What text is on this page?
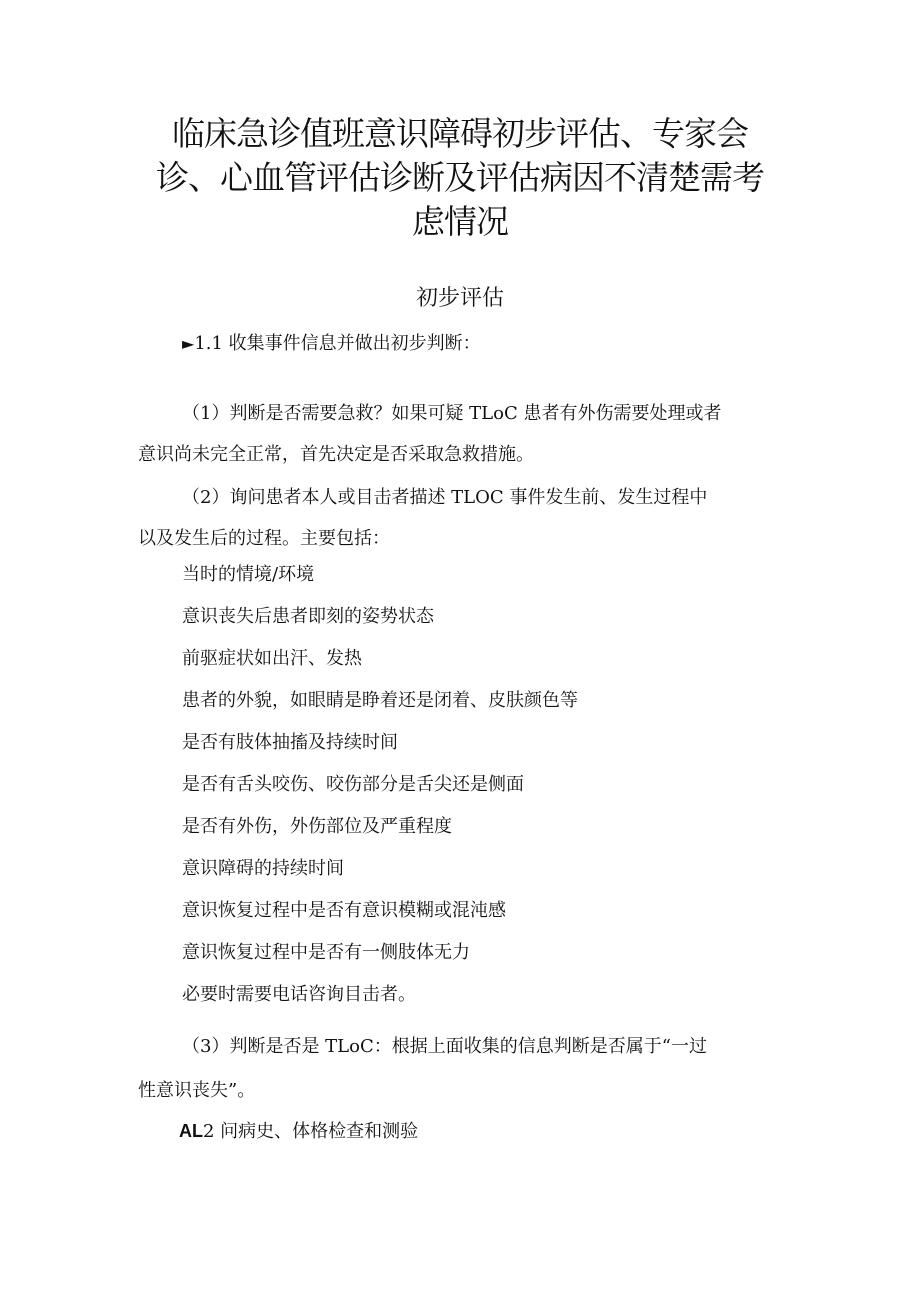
临床急诊值班意识障碍初步评估、专家会
诊、心血管评估诊断及评估病因不清楚需考
虑情况
初步评估

►1.1 收集事件信息并做出初步判断：

（1）判断是否需要急救？如果可疑 TLoC 患者有外伤需要处理或者
意识尚未完全正常，首先决定是否采取急救措施。

（2）询问患者本人或目击者描述 TLOC 事件发生前、发生过程中
以及发生后的过程。主要包括：

当时的情境/环境

意识丧失后患者即刻的姿势状态

前驱症状如出汗、发热

患者的外貌，如眼睛是睁着还是闭着、皮肤颜色等

是否有肢体抽搐及持续时间

是否有舌头咬伤、咬伤部分是舌尖还是侧面

是否有外伤，外伤部位及严重程度

意识障碍的持续时间

意识恢复过程中是否有意识模糊或混沌感

意识恢复过程中是否有一侧肢体无力

必要时需要电话咨询目击者。

（3）判断是否是 TLoC：根据上面收集的信息判断是否属于“一过
性意识丧失”。

AL2 问病史、体格检查和测验
